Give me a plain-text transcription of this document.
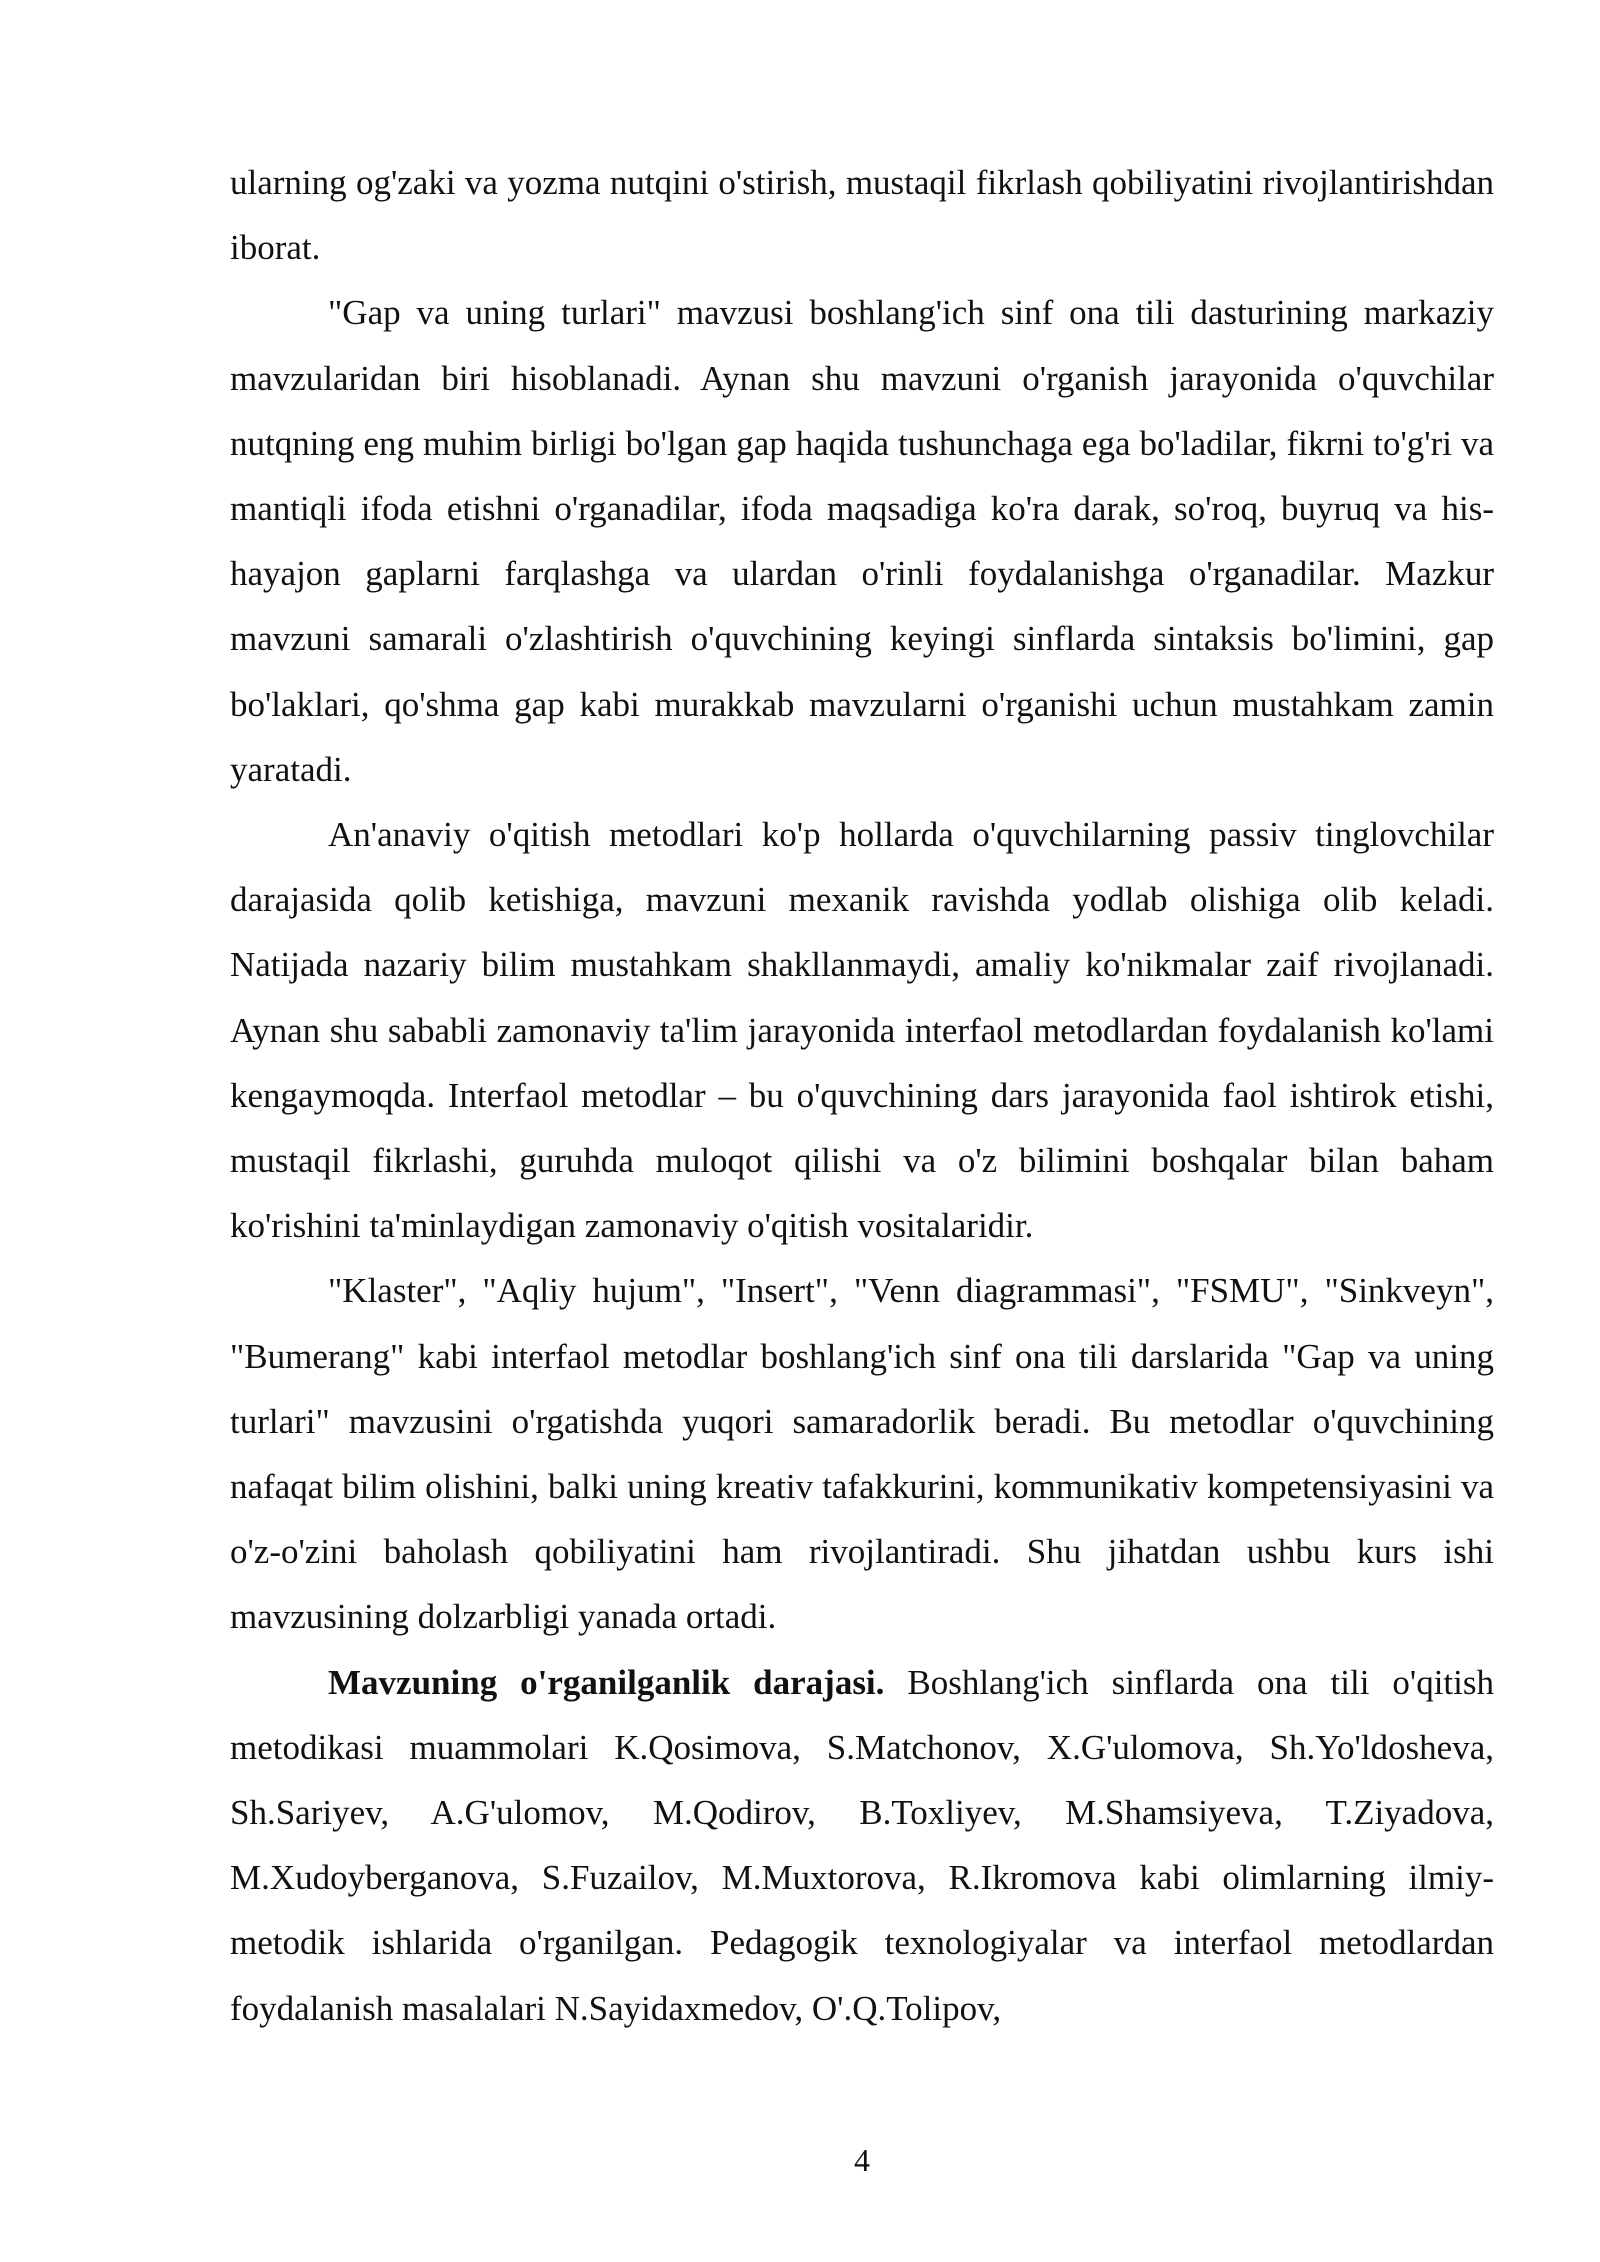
ularning og'zaki va yozma nutqini o'stirish, mustaqil fikrlash qobiliyatini rivojlantirishdan iborat.

"Gap va uning turlari" mavzusi boshlang'ich sinf ona tili dasturining markaziy mavzularidan biri hisoblanadi. Aynan shu mavzuni o'rganish jarayonida o'quvchilar nutqning eng muhim birligi bo'lgan gap haqida tushunchaga ega bo'ladilar, fikrni to'g'ri va mantiqli ifoda etishni o'rganadilar, ifoda maqsadiga ko'ra darak, so'roq, buyruq va his-hayajon gaplarni farqlashga va ulardan o'rinli foydalanishga o'rganadilar. Mazkur mavzuni samarali o'zlashtirish o'quvchining keyingi sinflarda sintaksis bo'limini, gap bo'laklari, qo'shma gap kabi murakkab mavzularni o'rganishi uchun mustahkam zamin yaratadi.

An'anaviy o'qitish metodlari ko'p hollarda o'quvchilarning passiv tinglovchilar darajasida qolib ketishiga, mavzuni mexanik ravishda yodlab olishiga olib keladi. Natijada nazariy bilim mustahkam shakllanmaydi, amaliy ko'nikmalar zaif rivojlanadi. Aynan shu sababli zamonaviy ta'lim jarayonida interfaol metodlardan foydalanish ko'lami kengaymoqda. Interfaol metodlar – bu o'quvchining dars jarayonida faol ishtirok etishi, mustaqil fikrlashi, guruhda muloqot qilishi va o'z bilimini boshqalar bilan baham ko'rishini ta'minlaydigan zamonaviy o'qitish vositalaridir.

"Klaster", "Aqliy hujum", "Insert", "Venn diagrammasi", "FSMU", "Sinkveyn", "Bumerang" kabi interfaol metodlar boshlang'ich sinf ona tili darslarida "Gap va uning turlari" mavzusini o'rgatishda yuqori samaradorlik beradi. Bu metodlar o'quvchining nafaqat bilim olishini, balki uning kreativ tafakkurini, kommunikativ kompetensiyasini va o'z-o'zini baholash qobiliyatini ham rivojlantiradi. Shu jihatdan ushbu kurs ishi mavzusining dolzarbligi yanada ortadi.

Mavzuning o'rganilganlik darajasi. Boshlang'ich sinflarda ona tili o'qitish metodikasi muammolari K.Qosimova, S.Matchonov, X.G'ulomova, Sh.Yo'ldosheva, Sh.Sariyev, A.G'ulomov, M.Qodirov, B.Toxliyev, M.Shamsiyeva, T.Ziyadova, M.Xudoyberganova, S.Fuzailov, M.Muxtorova, R.Ikromova kabi olimlarning ilmiy-metodik ishlarida o'rganilgan. Pedagogik texnologiyalar va interfaol metodlardan foydalanish masalalari N.Sayidaxmedov, O'.Q.Tolipov,

4
